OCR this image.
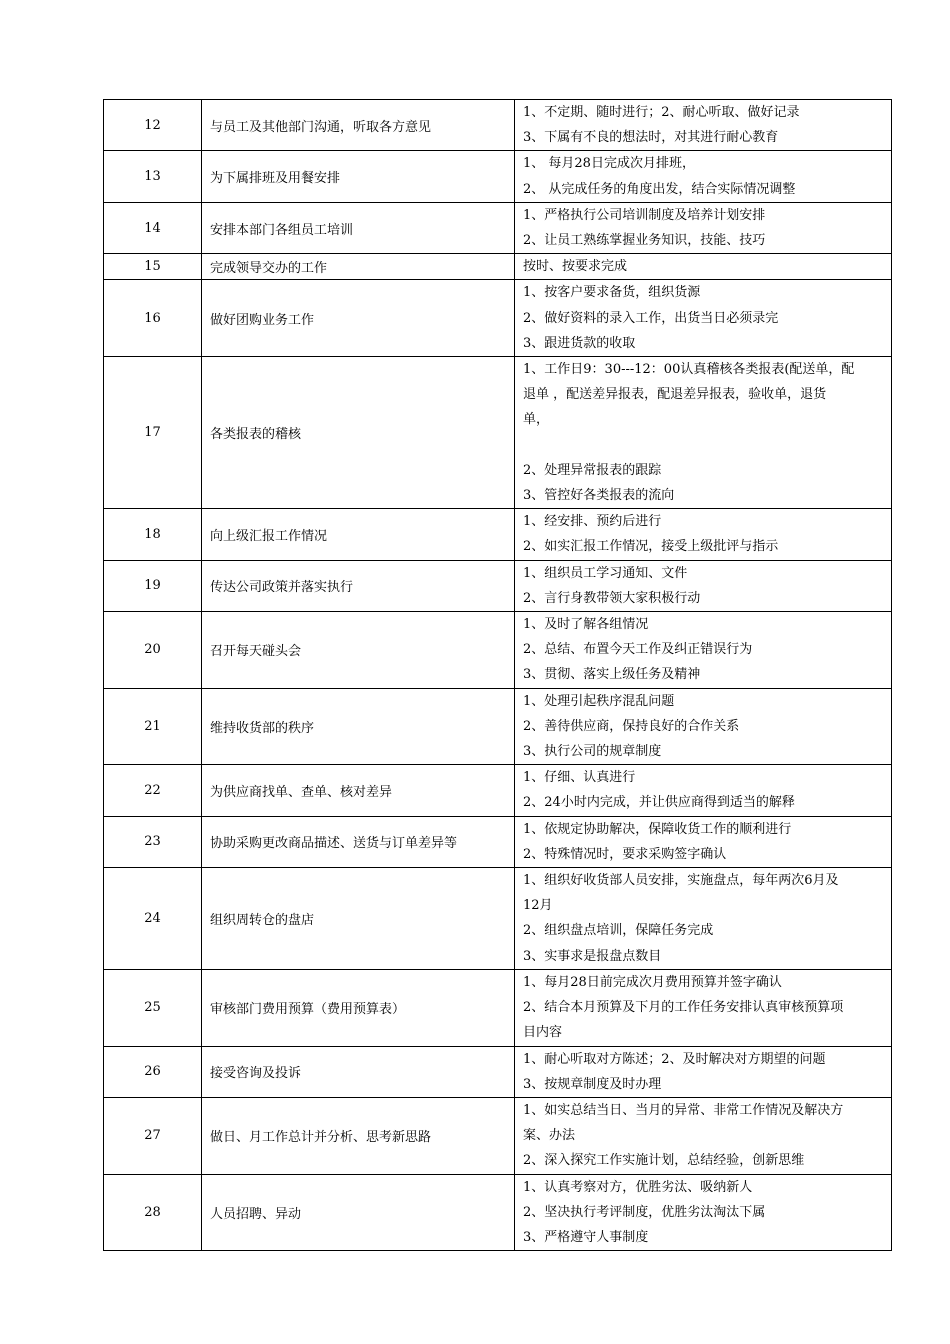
12	与员工及其他部门沟通，听取各方意见	1、不定期、随时进行；2、耐心听取、做好记录
3、下属有不良的想法时，对其进行耐心教育

13	为下属排班及用餐安排	1、 每月28日完成次月排班，
2、 从完成任务的角度出发，结合实际情况调整

14	安排本部门各组员工培训	1、严格执行公司培训制度及培养计划安排
2、让员工熟练掌握业务知识，技能、技巧

15	完成领导交办的工作	按时、按要求完成

16	做好团购业务工作	1、按客户要求备货，组织货源
2、做好资料的录入工作，出货当日必须录完
3、跟进货款的收取

17	各类报表的稽核	1、工作日9：30---12：00认真稽核各类报表(配送单，配
退单 ，配送差异报表，配退差异报表，验收单，退货
单，
2、处理异常报表的跟踪
3、管控好各类报表的流向

18	向上级汇报工作情况	1、经安排、预约后进行
2、如实汇报工作情况，接受上级批评与指示

19	传达公司政策并落实执行	1、组织员工学习通知、文件
2、言行身教带领大家积极行动

20	召开每天碰头会	1、及时了解各组情况
2、总结、布置今天工作及纠正错误行为
3、贯彻、落实上级任务及精神

21	维持收货部的秩序	1、处理引起秩序混乱问题
2、善待供应商，保持良好的合作关系
3、执行公司的规章制度

22	为供应商找单、查单、核对差异	1、仔细、认真进行
2、24小时内完成，并让供应商得到适当的解释

23	协助采购更改商品描述、送货与订单差异等	1、依规定协助解决，保障收货工作的顺利进行
2、特殊情况时，要求采购签字确认

24	组织周转仓的盘店	1、组织好收货部人员安排，实施盘点，每年两次6月及
12月
2、组织盘点培训，保障任务完成
3、实事求是报盘点数目

25	审核部门费用预算（费用预算表）	1、每月28日前完成次月费用预算并签字确认
2、结合本月预算及下月的工作任务安排认真审核预算项
目内容

26	接受咨询及投诉	1、耐心听取对方陈述；2、及时解决对方期望的问题
3、按规章制度及时办理

27	做日、月工作总计并分析、思考新思路	1、如实总结当日、当月的异常、非常工作情况及解决方
案、办法
2、深入探究工作实施计划，总结经验，创新思维

28	人员招聘、异动	1、认真考察对方，优胜劣汰、吸纳新人
2、坚决执行考评制度，优胜劣汰淘汰下属
3、严格遵守人事制度
